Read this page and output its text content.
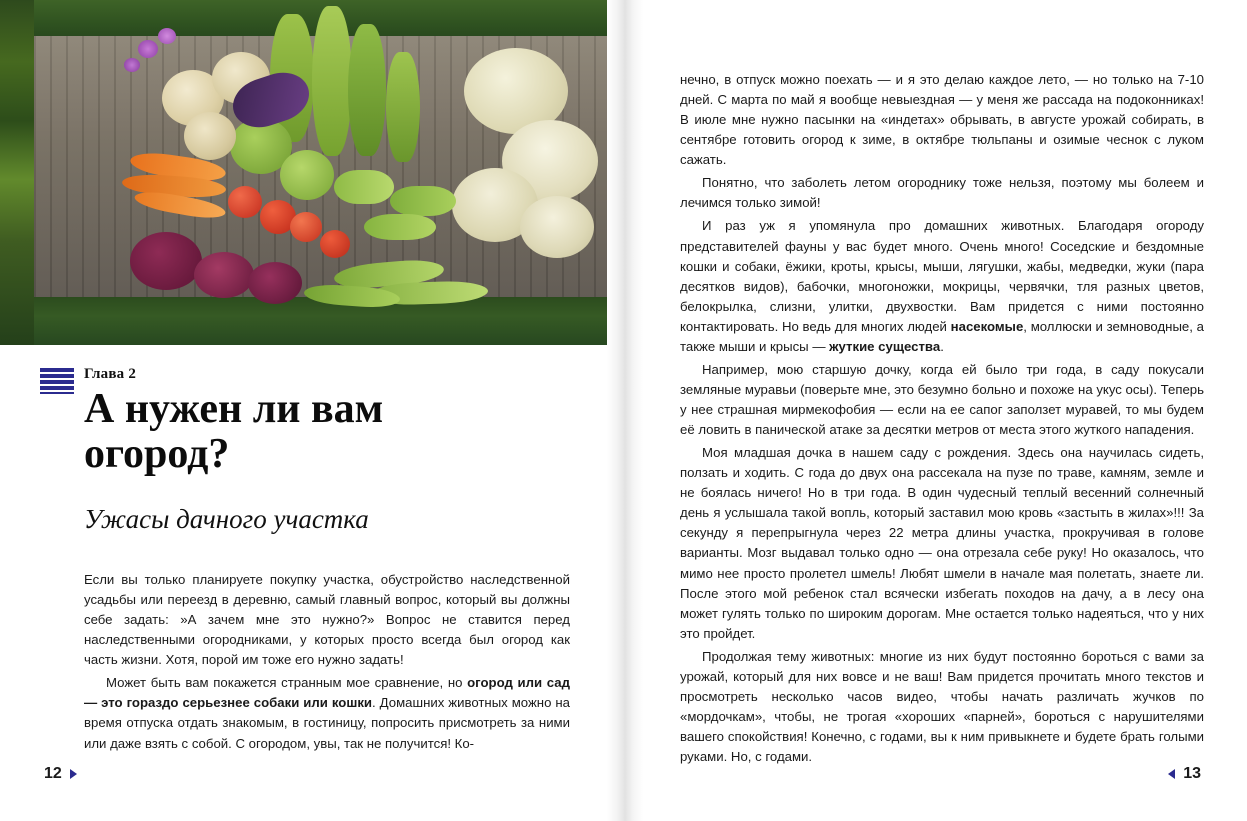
Глава 2
А нужен ли вам огород?
Ужасы дачного участка

Если вы только планируете покупку участка, обустройство наследственной усадьбы или переезд в деревню, самый главный вопрос, который вы должны себе задать: »А зачем мне это нужно?» Вопрос не ставится перед наследственными огородниками, у которых просто всегда был огород как часть жизни. Хотя, порой им тоже его нужно задать!

Может быть вам покажется странным мое сравнение, но огород или сад — это гораздо серьезнее собаки или кошки. Домашних животных можно на время отпуска отдать знакомым, в гостиницу, попросить присмотреть за ними или даже взять с собой. С огородом, увы, так не получится! Ко-

12

нечно, в отпуск можно поехать — и я это делаю каждое лето, — но только на 7-10 дней. С марта по май я вообще невыездная — у меня же рассада на подоконниках! В июле мне нужно пасынки на «индетах» обрывать, в августе урожай собирать, в сентябре готовить огород к зиме, в октябре тюльпаны и озимые чеснок с луком сажать.

Понятно, что заболеть летом огороднику тоже нельзя, поэтому мы болеем и лечимся только зимой!

И раз уж я упомянула про домашних животных. Благодаря огороду представителей фауны у вас будет много. Очень много! Соседские и бездомные кошки и собаки, ёжики, кроты, крысы, мыши, лягушки, жабы, медведки, жуки (пара десятков видов), бабочки, многоножки, мокрицы, червячки, тля разных цветов, белокрылка, слизни, улитки, двухвостки. Вам придется с ними постоянно контактировать. Но ведь для многих людей насекомые, моллюски и земноводные, а также мыши и крысы — жуткие существа.

Например, мою старшую дочку, когда ей было три года, в саду покусали земляные муравьи (поверьте мне, это безумно больно и похоже на укус осы). Теперь у нее страшная мирмекофобия — если на ее сапог заползет муравей, то мы будем её ловить в панической атаке за десятки метров от места этого жуткого нападения.

Моя младшая дочка в нашем саду с рождения. Здесь она научилась сидеть, ползать и ходить. С года до двух она рассекала на пузе по траве, камням, земле и не боялась ничего! Но в три года. В один чудесный теплый весенний солнечный день я услышала такой вопль, который заставил мою кровь «застыть в жилах»!!! За секунду я перепрыгнула через 22 метра длины участка, прокручивая в голове варианты. Мозг выдавал только одно — она отрезала себе руку! Но оказалось, что мимо нее просто пролетел шмель! Любят шмели в начале мая полетать, знаете ли. После этого мой ребенок стал всячески избегать походов на дачу, а в лесу она может гулять только по широким дорогам. Мне остается только надеяться, что у них это пройдет.

Продолжая тему животных: многие из них будут постоянно бороться с вами за урожай, который для них вовсе и не ваш! Вам придется прочитать много текстов и просмотреть несколько часов видео, чтобы начать различать жучков по «мордочкам», чтобы, не трогая «хороших «парней», бороться с нарушителями вашего спокойствия! Конечно, с годами, вы к ним привыкнете и будете брать голыми руками. Но, с годами.

13
